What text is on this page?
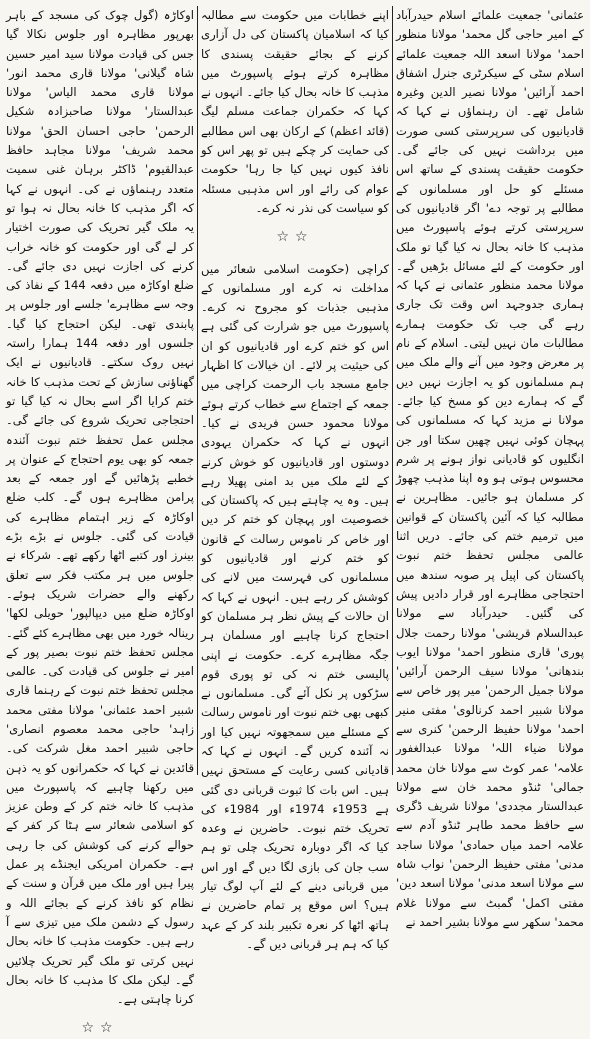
عثمانی' جمعیت علمائے اسلام حیدرآباد کے امیر حاجی گل محمد' مولانا منظور احمد' مولانا اسعد اللہ جمعیت علمائے اسلام سٹی کے سیکرٹری جنرل اشفاق احمد آرائیں' مولانا نصیر الدین وغیرہ شامل تھے۔ ان رہنماؤں نے کہا کہ قادیانیوں کی سرپرستی کسی صورت میں برداشت نہیں کی جائے گی۔ حکومت حقیقت پسندی کے ساتھ اس مسئلے کو حل اور مسلمانوں کے مطالبے پر توجہ دے' اگر قادیانیوں کی سرپرستی کرتے ہوئے پاسپورٹ میں مذہب کا خانہ بحال نہ کیا گیا تو ملک اور حکومت کے لئے مسائل بڑھیں گے۔ مولانا محمد منظور عثمانی نے کہا کہ ہماری جدوجہد اس وقت تک جاری رہے گی جب تک حکومت ہمارے مطالبات مان نہیں لیتی۔ اسلام کے نام پر معرض وجود میں آنے والے ملک میں ہم مسلمانوں کو یہ اجازت نہیں دیں گے کہ ہمارے دین کو مسخ کیا جائے۔ مولانا نے مزید کہا کہ مسلمانوں کی پہچان کوئی نہیں چھین سکتا اور جن انگلیوں کو قادیانی نواز ہونے پر شرم محسوس ہوتی ہو وہ اپنا مذہب چھوڑ کر مسلمان ہو جائیں۔ مظاہرین نے مطالبہ کیا کہ آئین پاکستان کے قوانین میں ترمیم ختم کی جائے۔ دریں اثنا عالمی مجلس تحفظ ختم نبوت پاکستان کی اپیل پر صوبہ سندھ میں احتجاجی مظاہرے اور قرار دادیں پیش کی گئیں۔ حیدرآباد سے مولانا عبدالسلام قریشی' مولانا رحمت جلال پوری' قاری منظور احمد' مولانا ایوب بندھانی' مولانا سیف الرحمن آرائیں' مولانا جمیل الرحمن' میر پور خاص سے مولانا شبیر احمد کرنالوی' مفتی منیر احمد' مولانا حفیظ الرحمن' کنری سے مولانا ضیاء اللہ' مولانا عبدالغفور علامہ' عمر کوٹ سے مولانا خان محمد جمالی' ٹنڈو محمد خان سے مولانا عبدالستار مجددی' مولانا شریف ڈگری سے حافظ محمد طاہر ٹنڈو آدم سے علامہ احمد میاں حمادی' مولانا ساجد مدنی' مفتی حفیظ الرحمن' نواب شاہ سے مولانا اسعد مدنی' مولانا اسعد دین' مفتی اکمل' گمبٹ سے مولانا غلام محمد' سکھر سے مولانا بشیر احمد نے

اپنے خطابات میں حکومت سے مطالبہ کیا کہ اسلامیان پاکستان کی دل آزاری کرنے کے بجائے حقیقت پسندی کا مظاہرہ کرتے ہوئے پاسپورٹ میں مذہب کا خانہ بحال کیا جائے۔ انہوں نے کہا کہ حکمران جماعت مسلم لیگ (قائد اعظم) کے ارکان بھی اس مطالبے کی حمایت کر چکے ہیں تو پھر اس کو نافذ کیوں نہیں کیا جا رہا' حکومت عوام کی رائے اور اس مذہبی مسئلہ کو سیاست کی نذر نہ کرے۔

☆☆

کراچی (حکومت اسلامی شعائر میں مداخلت نہ کرے اور مسلمانوں کے مذہبی جذبات کو مجروح نہ کرے۔ پاسپورٹ میں جو شرارت کی گئی ہے اس کو ختم کرے اور قادیانیوں کو ان کی حیثیت پر لائے۔ ان خیالات کا اظہار جامع مسجد باب الرحمت کراچی میں جمعہ کے اجتماع سے خطاب کرتے ہوئے مولانا محمود حسن فریدی نے کیا۔ انہوں نے کہا کہ حکمران یہودی دوستوں اور قادیانیوں کو خوش کرنے کے لئے ملک میں بد امنی پھیلا رہے ہیں۔ وہ یہ چاہتے ہیں کہ پاکستان کی خصوصیت اور پہچان کو ختم کر دیں اور خاص کر ناموس رسالت کے قانون کو ختم کرنے اور قادیانیوں کو مسلمانوں کی فہرست میں لانے کی کوشش کر رہے ہیں۔ انہوں نے کہا کہ ان حالات کے پیش نظر ہر مسلمان کو احتجاج کرنا چاہیے اور مسلمان ہر جگہ مظاہرے کرے۔ حکومت نے اپنی پالیسی ختم نہ کی تو پوری قوم سڑکوں پر نکل آئے گی۔ مسلمانوں نے کبھی بھی ختم نبوت اور ناموس رسالت کے مسئلے میں سمجھوتہ نہیں کیا اور نہ آئندہ کریں گے۔ انہوں نے کہا کہ قادیانی کسی رعایت کے مستحق نہیں ہیں۔ اس بات کا ثبوت قربانی دی گئی ہے 1953ء 1974ء اور 1984ء کی تحریک ختم نبوت۔ حاضرین نے وعدہ کیا کہ اگر دوبارہ تحریک چلی تو ہم سب جان کی بازی لگا دیں گے اور اس میں قربانی دینے کے لئے آپ لوگ تیار ہیں؟ اس موقع پر تمام حاضرین نے ہاتھ اٹھا کر نعرہ تکبیر بلند کر کے عہد کیا کہ ہم ہر قربانی دیں گے۔

اوکاڑہ (گول چوک کی مسجد کے باہر بھرپور مظاہرہ اور جلوس نکالا گیا جس کی قیادت مولانا سید امیر حسین شاہ گیلانی' مولانا قاری محمد انور' مولانا قاری محمد الیاس' مولانا عبدالستار' مولانا صاحبزادہ شکیل الرحمن' حاجی احسان الحق' مولانا محمد شریف' مولانا مجاہد حافظ عبدالقیوم' ڈاکٹر برہان غنی سمیت متعدد رہنماؤں نے کی۔ انہوں نے کہا کہ اگر مذہب کا خانہ بحال نہ ہوا تو یہ ملک گیر تحریک کی صورت اختیار کر لے گی اور حکومت کو خانہ خراب کرنے کی اجازت نہیں دی جائے گی۔ ضلع اوکاڑہ میں دفعہ 144 کے نفاذ کی وجہ سے مظاہرے' جلسے اور جلوس پر پابندی تھی۔ لیکن احتجاج کیا گیا۔ جلسوں اور دفعہ 144 ہمارا راستہ نہیں روک سکتے۔ قادیانیوں نے ایک گھناؤنی سازش کے تحت مذہب کا خانہ ختم کرایا اگر اسے بحال نہ کیا گیا تو احتجاجی تحریک شروع کی جائے گی۔ مجلس عمل تحفظ ختم نبوت آئندہ جمعہ کو بھی یوم احتجاج کے عنوان پر خطبے پڑھائیں گے اور جمعہ کے بعد پرامن مظاہرے ہوں گے۔ کلب ضلع اوکاڑہ کے زیر اہتمام مظاہرے کی قیادت کی گئی۔ جلوس نے بڑے بڑے بینرز اور کتبے اٹھا رکھے تھے۔ شرکاء نے جلوس میں ہر مکتب فکر سے تعلق رکھنے والے حضرات شریک ہوئے۔ اوکاڑہ ضلع میں دیپالپور' حویلی لکھا' رینالہ خورد میں بھی مظاہرے کئے گئے۔ مجلس تحفظ ختم نبوت بصیر پور کے امیر نے جلوس کی قیادت کی۔ عالمی مجلس تحفظ ختم نبوت کے رہنما قاری شبیر احمد عثمانی' مولانا مفتی محمد زاہد' حاجی محمد معصوم انصاری' حاجی شبیر احمد مغل شرکت کی۔ قائدین نے کہا کہ حکمرانوں کو یہ ذہن میں رکھنا چاہیے کہ پاسپورٹ میں مذہب کا خانہ ختم کر کے وطن عزیز کو اسلامی شعائر سے ہٹا کر کفر کے حوالے کرنے کی کوشش کی جا رہی ہے۔ حکمران امریکی ایجنڈے پر عمل پیرا ہیں اور ملک میں قرآن و سنت کے نظام کو نافذ کرنے کے بجائے اللہ و رسول کے دشمن ملک میں تیزی سے آ رہے ہیں۔ حکومت مذہب کا خانہ بحال نہیں کرتی تو ملک گیر تحریک چلائیں گے۔ لیکن ملک کا مذہب کا خانہ بحال کرنا چاہتی ہے۔

☆☆
